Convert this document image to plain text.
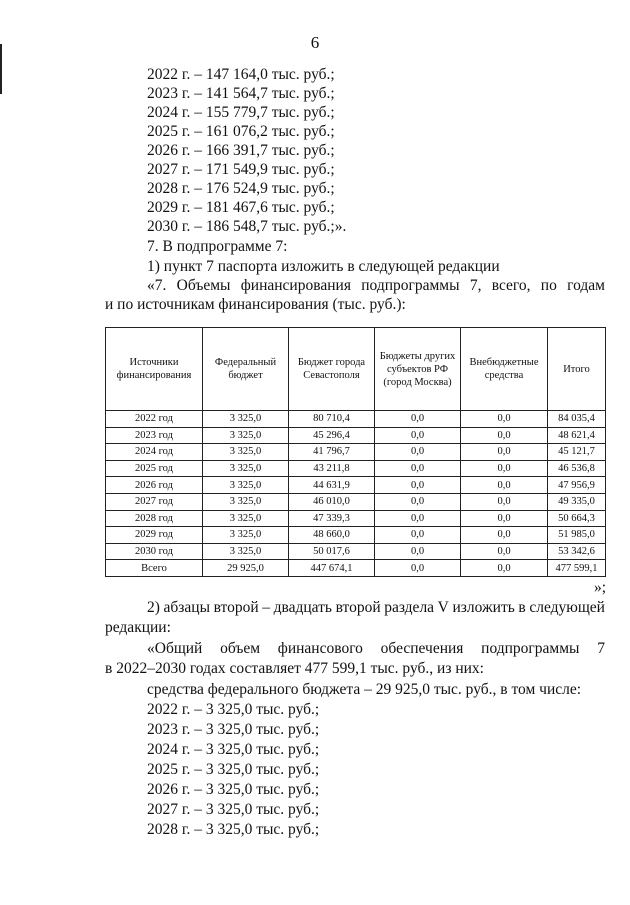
6
2022 г. – 147 164,0 тыс. руб.;
2023 г. – 141 564,7 тыс. руб.;
2024 г. – 155 779,7 тыс. руб.;
2025 г. – 161 076,2 тыс. руб.;
2026 г. – 166 391,7 тыс. руб.;
2027 г. – 171 549,9 тыс. руб.;
2028 г. – 176 524,9 тыс. руб.;
2029 г. – 181 467,6 тыс. руб.;
2030 г. – 186 548,7 тыс. руб.;».
7. В подпрограмме 7:
1) пункт 7 паспорта изложить в следующей редакции
«7. Объемы финансирования подпрограммы 7, всего, по годам
и по источникам финансирования (тыс. руб.):
Источники финансирования	Федеральный бюджет	Бюджет города Севастополя	Бюджеты других субъектов РФ (город Москва)	Внебюджетные средства	Итого
2022 год	3 325,0	80 710,4	0,0	0,0	84 035,4
2023 год	3 325,0	45 296,4	0,0	0,0	48 621,4
2024 год	3 325,0	41 796,7	0,0	0,0	45 121,7
2025 год	3 325,0	43 211,8	0,0	0,0	46 536,8
2026 год	3 325,0	44 631,9	0,0	0,0	47 956,9
2027 год	3 325,0	46 010,0	0,0	0,0	49 335,0
2028 год	3 325,0	47 339,3	0,0	0,0	50 664,3
2029 год	3 325,0	48 660,0	0,0	0,0	51 985,0
2030 год	3 325,0	50 017,6	0,0	0,0	53 342,6
Всего	29 925,0	447 674,1	0,0	0,0	477 599,1
»;
2) абзацы второй – двадцать второй раздела V изложить в следующей
редакции:
«Общий объем финансового обеспечения подпрограммы 7
в 2022–2030 годах составляет 477 599,1 тыс. руб., из них:
средства федерального бюджета – 29 925,0 тыс. руб., в том числе:
2022 г. – 3 325,0 тыс. руб.;
2023 г. – 3 325,0 тыс. руб.;
2024 г. – 3 325,0 тыс. руб.;
2025 г. – 3 325,0 тыс. руб.;
2026 г. – 3 325,0 тыс. руб.;
2027 г. – 3 325,0 тыс. руб.;
2028 г. – 3 325,0 тыс. руб.;
